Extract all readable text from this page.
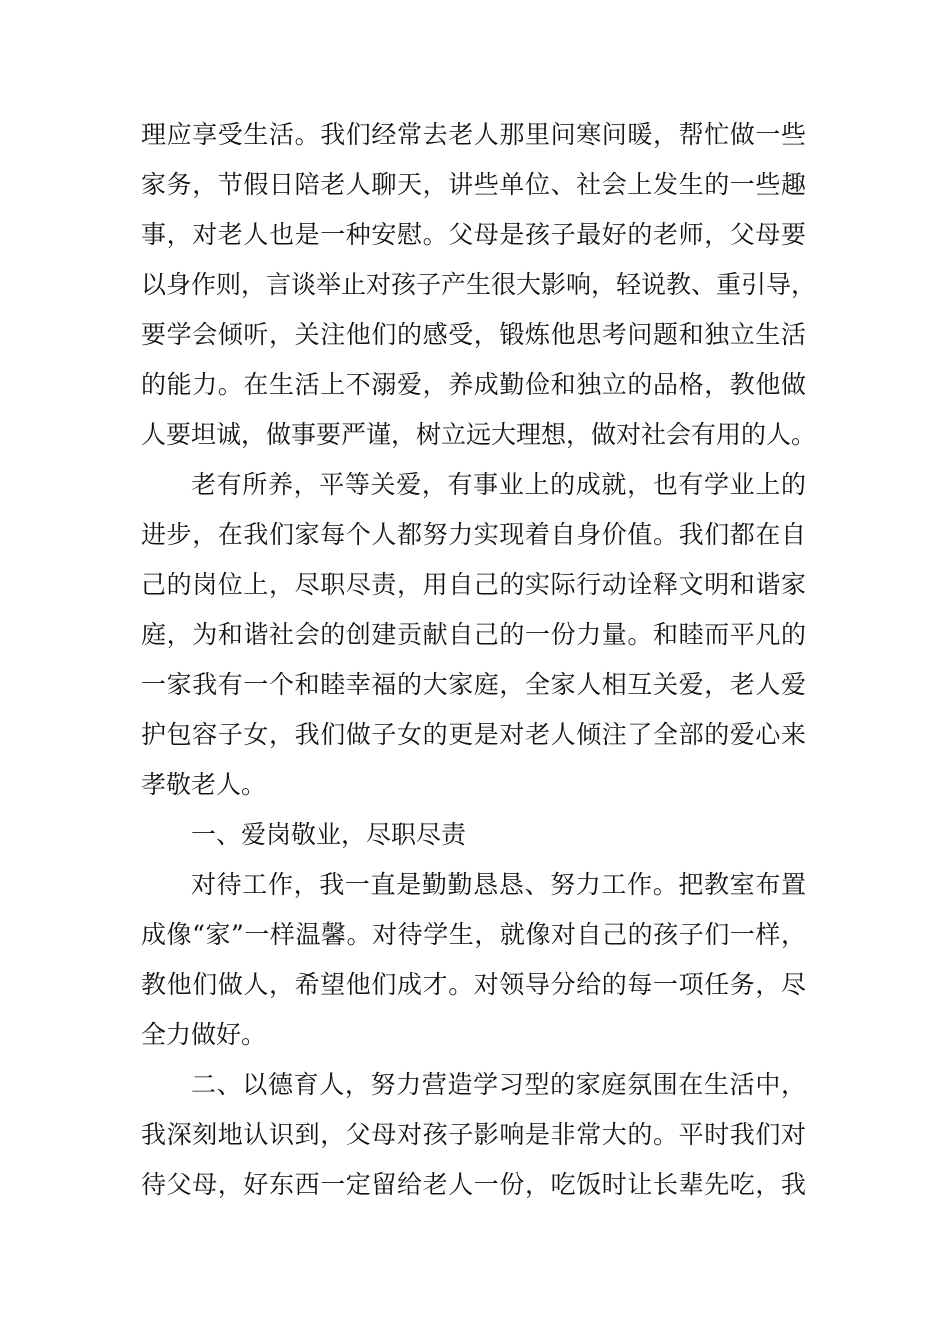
理应享受生活。我们经常去老人那里问寒问暖，帮忙做一些
家务，节假日陪老人聊天，讲些单位、社会上发生的一些趣
事，对老人也是一种安慰。父母是孩子最好的老师，父母要
以身作则，言谈举止对孩子产生很大影响，轻说教、重引导，
要学会倾听，关注他们的感受，锻炼他思考问题和独立生活
的能力。在生活上不溺爱，养成勤俭和独立的品格，教他做
人要坦诚，做事要严谨，树立远大理想，做对社会有用的人。
老有所养，平等关爱，有事业上的成就，也有学业上的
进步，在我们家每个人都努力实现着自身价值。我们都在自
己的岗位上，尽职尽责，用自己的实际行动诠释文明和谐家
庭，为和谐社会的创建贡献自己的一份力量。和睦而平凡的
一家我有一个和睦幸福的大家庭，全家人相互关爱，老人爱
护包容子女，我们做子女的更是对老人倾注了全部的爱心来
孝敬老人。
一、爱岗敬业，尽职尽责
对待工作，我一直是勤勤恳恳、努力工作。把教室布置
成像“家”一样温馨。对待学生，就像对自己的孩子们一样，
教他们做人，希望他们成才。对领导分给的每一项任务，尽
全力做好。
二、以德育人，努力营造学习型的家庭氛围在生活中，
我深刻地认识到，父母对孩子影响是非常大的。平时我们对
待父母，好东西一定留给老人一份，吃饭时让长辈先吃，我
